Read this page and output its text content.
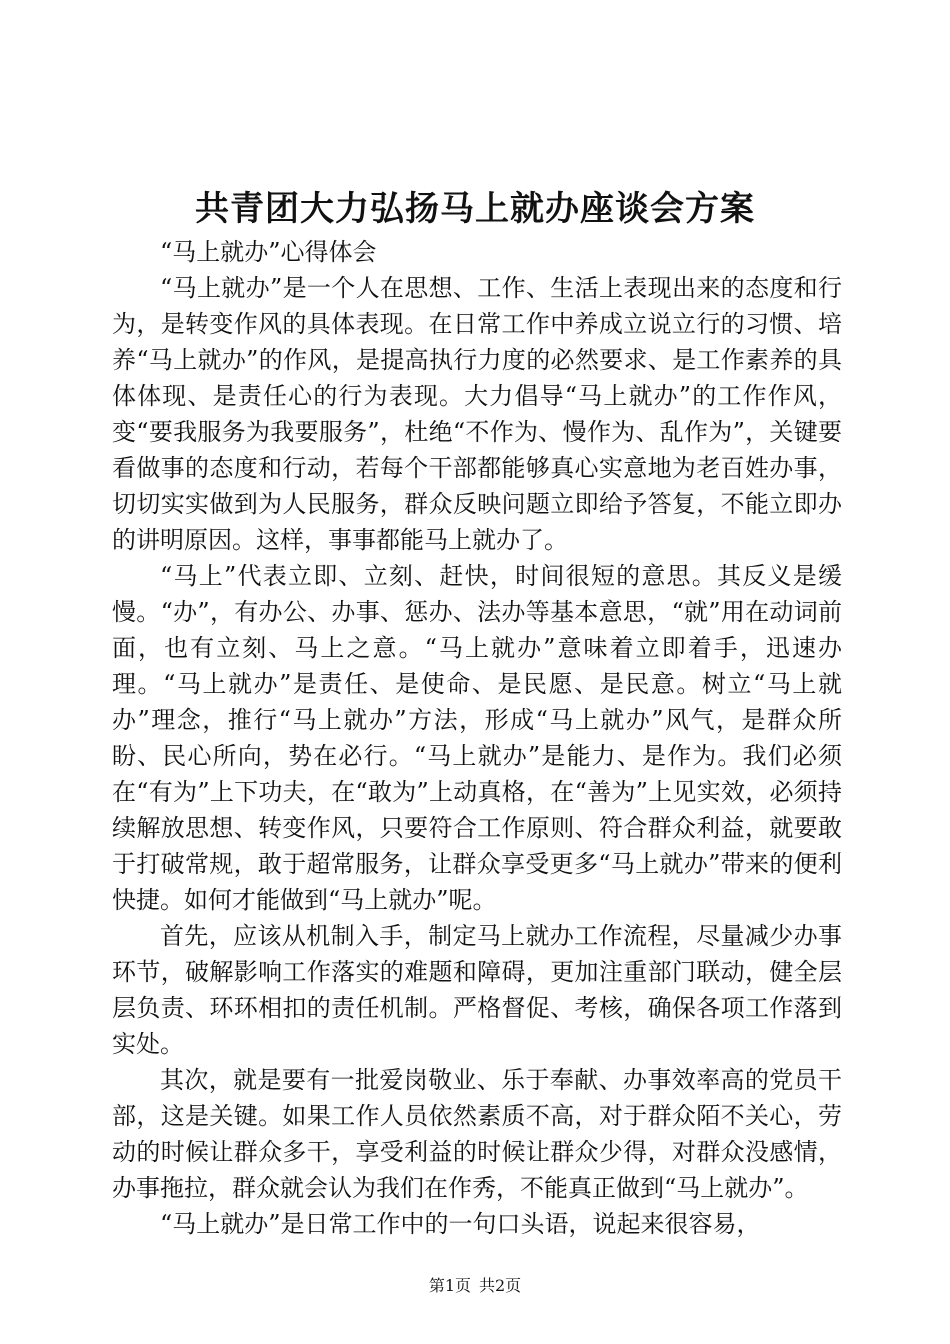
共青团大力弘扬马上就办座谈会方案

“马上就办”心得体会

“马上就办”是一个人在思想、工作、生活上表现出来的态度和行为，是转变作风的具体表现。在日常工作中养成立说立行的习惯、培养“马上就办”的作风，是提高执行力度的必然要求、是工作素养的具体体现、是责任心的行为表现。大力倡导“马上就办”的工作作风，变“要我服务为我要服务”，杜绝“不作为、慢作为、乱作为”，关键要看做事的态度和行动，若每个干部都能够真心实意地为老百姓办事，切切实实做到为人民服务，群众反映问题立即给予答复，不能立即办的讲明原因。这样，事事都能马上就办了。

“马上”代表立即、立刻、赶快，时间很短的意思。其反义是缓慢。“办”，有办公、办事、惩办、法办等基本意思，“就”用在动词前面，也有立刻、马上之意。“马上就办”意味着立即着手，迅速办理。“马上就办”是责任、是使命、是民愿、是民意。树立“马上就办”理念，推行“马上就办”方法，形成“马上就办”风气，是群众所盼、民心所向，势在必行。“马上就办”是能力、是作为。我们必须在“有为”上下功夫，在“敢为”上动真格，在“善为”上见实效，必须持续解放思想、转变作风，只要符合工作原则、符合群众利益，就要敢于打破常规，敢于超常服务，让群众享受更多“马上就办”带来的便利快捷。如何才能做到“马上就办”呢。

首先，应该从机制入手，制定马上就办工作流程，尽量减少办事环节，破解影响工作落实的难题和障碍，更加注重部门联动，健全层层负责、环环相扣的责任机制。严格督促、考核，确保各项工作落到实处。

其次，就是要有一批爱岗敬业、乐于奉献、办事效率高的党员干部，这是关键。如果工作人员依然素质不高，对于群众陌不关心，劳动的时候让群众多干，享受利益的时候让群众少得，对群众没感情，办事拖拉，群众就会认为我们在作秀，不能真正做到“马上就办”。

“马上就办”是日常工作中的一句口头语，说起来很容易，

第1页 共2页
